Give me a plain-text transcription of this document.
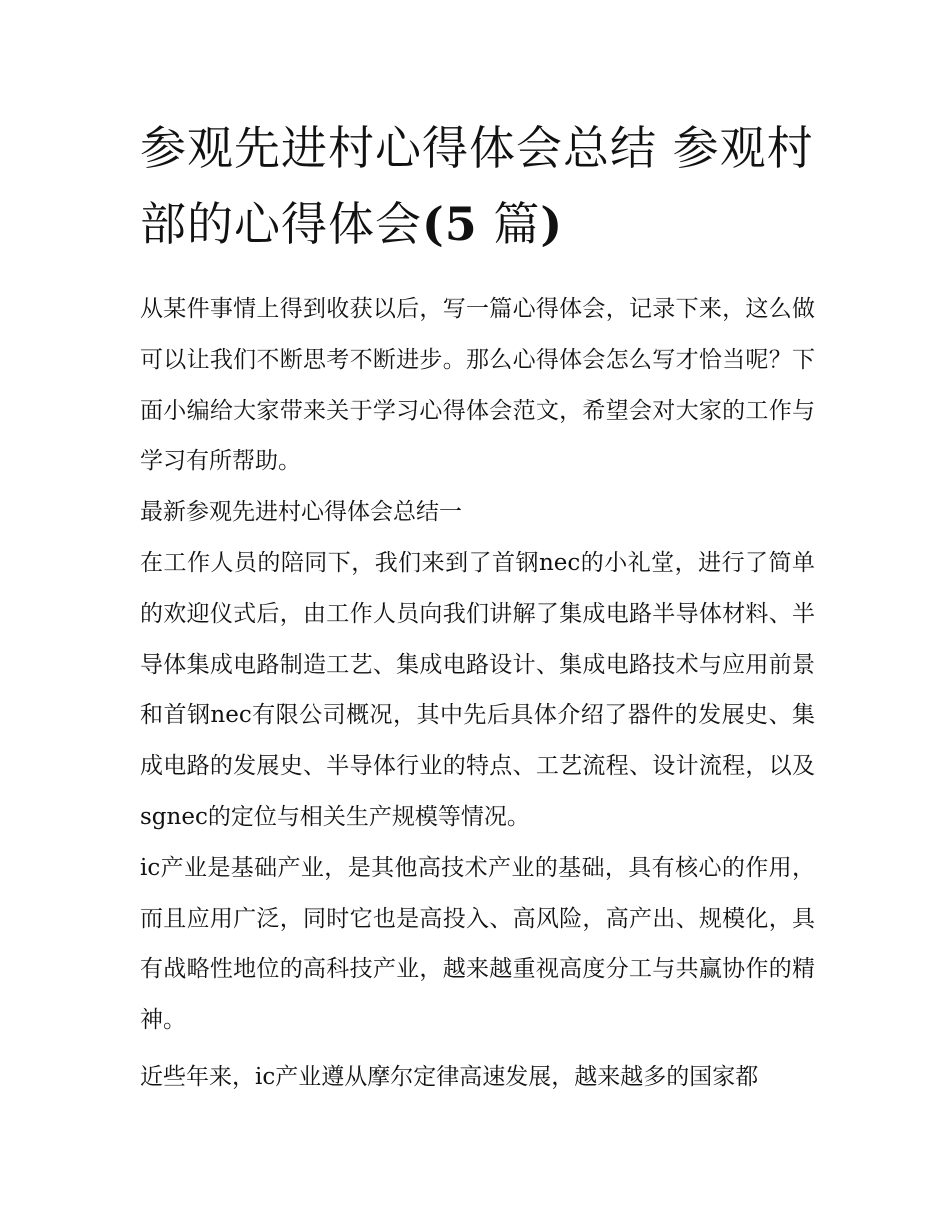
参观先进村心得体会总结 参观村部的心得体会(5 篇)

从某件事情上得到收获以后，写一篇心得体会，记录下来，这么做可以让我们不断思考不断进步。那么心得体会怎么写才恰当呢？下面小编给大家带来关于学习心得体会范文，希望会对大家的工作与学习有所帮助。

最新参观先进村心得体会总结一

在工作人员的陪同下，我们来到了首钢nec的小礼堂，进行了简单的欢迎仪式后，由工作人员向我们讲解了集成电路半导体材料、半导体集成电路制造工艺、集成电路设计、集成电路技术与应用前景和首钢nec有限公司概况，其中先后具体介绍了器件的发展史、集成电路的发展史、半导体行业的特点、工艺流程、设计流程，以及sgnec的定位与相关生产规模等情况。

ic产业是基础产业，是其他高技术产业的基础，具有核心的作用，而且应用广泛，同时它也是高投入、高风险，高产出、规模化，具有战略性地位的高科技产业，越来越重视高度分工与共赢协作的精神。

近些年来，ic产业遵从摩尔定律高速发展，越来越多的国家都
